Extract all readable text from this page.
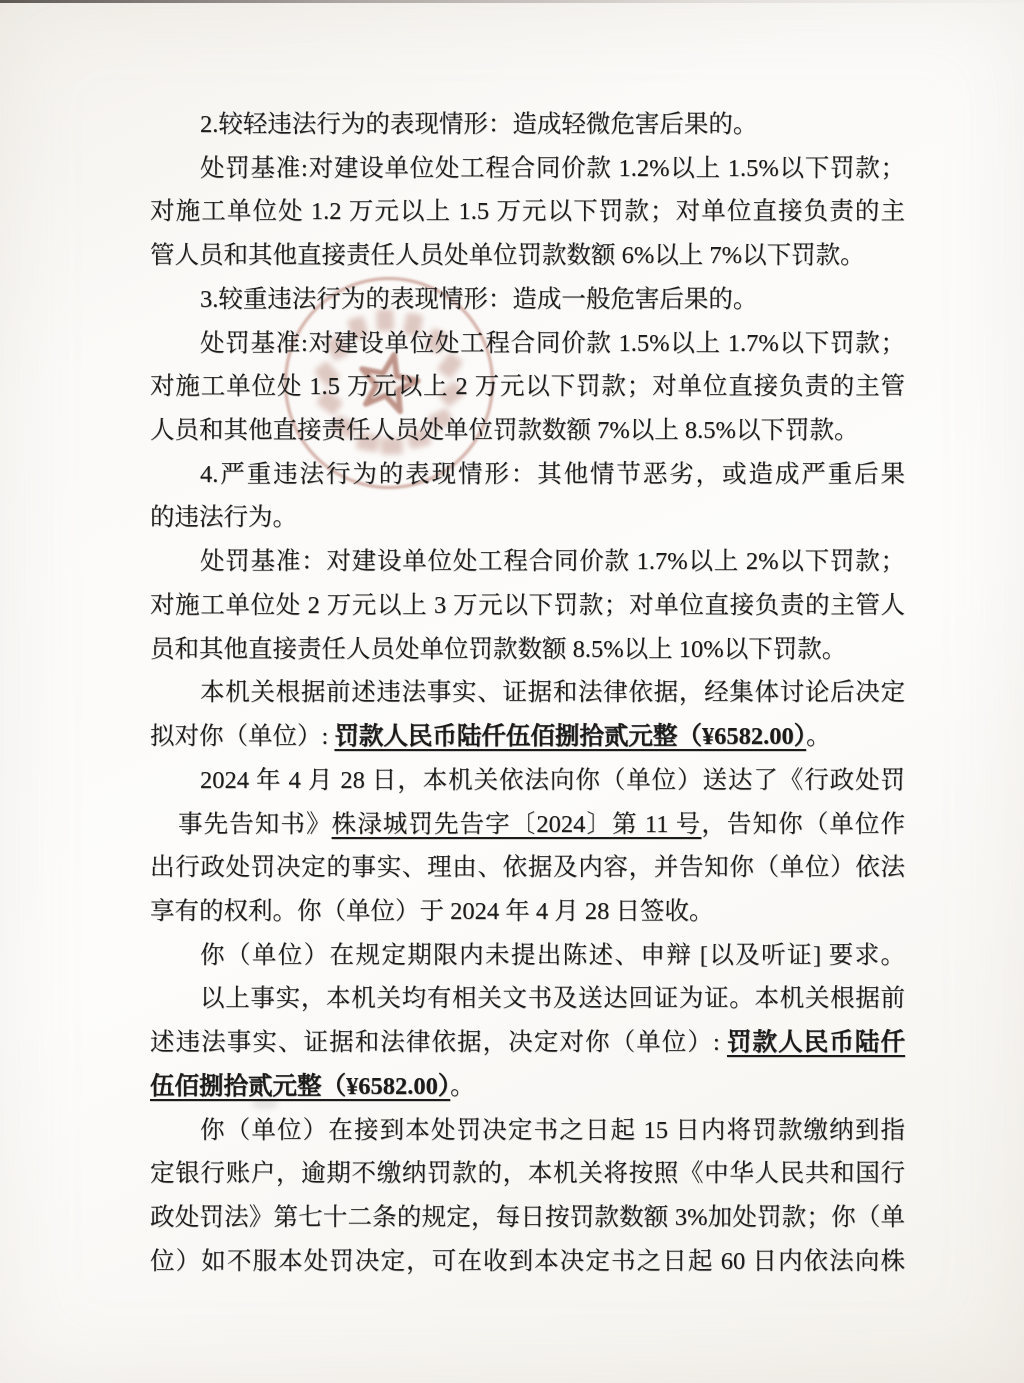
2.较轻违法行为的表现情形：造成轻微危害后果的。
处罚基准:对建设单位处工程合同价款 1.2%以上 1.5%以下罚款；
对施工单位处 1.2 万元以上 1.5 万元以下罚款；对单位直接负责的主
管人员和其他直接责任人员处单位罚款数额 6%以上 7%以下罚款。
3.较重违法行为的表现情形：造成一般危害后果的。
处罚基准:对建设单位处工程合同价款 1.5%以上 1.7%以下罚款；
对施工单位处 1.5 万元以上 2 万元以下罚款；对单位直接负责的主管
人员和其他直接责任人员处单位罚款数额 7%以上 8.5%以下罚款。
4.严重违法行为的表现情形：其他情节恶劣，或造成严重后果
的违法行为。
处罚基准：对建设单位处工程合同价款 1.7%以上 2%以下罚款；
对施工单位处 2 万元以上 3 万元以下罚款；对单位直接负责的主管人
员和其他直接责任人员处单位罚款数额 8.5%以上 10%以下罚款。
本机关根据前述违法事实、证据和法律依据，经集体讨论后决定
拟对你（单位）: 罚款人民币陆仟伍佰捌拾贰元整（¥6582.00）。
2024 年 4 月 28 日，本机关依法向你（单位）送达了《行政处罚
事先告知书》株渌城罚先告字〔2024〕第 11 号，告知你（单位作
出行政处罚决定的事实、理由、依据及内容，并告知你（单位）依法
享有的权利。你（单位）于 2024 年 4 月 28 日签收。
你（单位）在规定期限内未提出陈述、申辩 [以及听证] 要求。
以上事实，本机关均有相关文书及送达回证为证。本机关根据前
述违法事实、证据和法律依据，决定对你（单位）: 罚款人民币陆仟
伍佰捌拾贰元整（¥6582.00）。
你（单位）在接到本处罚决定书之日起 15 日内将罚款缴纳到指
定银行账户，逾期不缴纳罚款的，本机关将按照《中华人民共和国行
政处罚法》第七十二条的规定，每日按罚款数额 3%加处罚款；你（单
位）如不服本处罚决定，可在收到本决定书之日起 60 日内依法向株
